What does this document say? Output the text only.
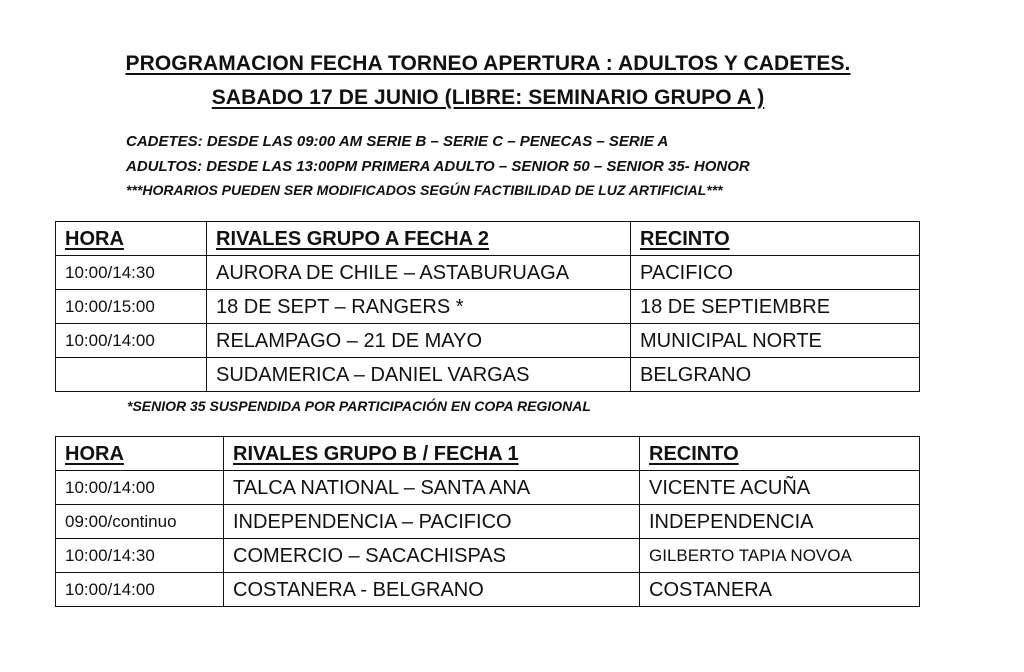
PROGRAMACION FECHA TORNEO APERTURA : ADULTOS Y CADETES.
SABADO 17 DE JUNIO (LIBRE: SEMINARIO GRUPO A )
CADETES: DESDE LAS 09:00 AM SERIE B – SERIE C – PENECAS – SERIE A
ADULTOS: DESDE LAS 13:00PM PRIMERA ADULTO – SENIOR 50 – SENIOR 35- HONOR
***HORARIOS PUEDEN SER MODIFICADOS SEGÚN FACTIBILIDAD DE LUZ ARTIFICIAL***
HORA	RIVALES GRUPO A FECHA 2	RECINTO
10:00/14:30	AURORA DE CHILE – ASTABURUAGA	PACIFICO
10:00/15:00	18 DE SEPT – RANGERS *	18 DE SEPTIEMBRE
10:00/14:00	RELAMPAGO – 21 DE MAYO	MUNICIPAL NORTE
	SUDAMERICA – DANIEL VARGAS	BELGRANO
*SENIOR 35 SUSPENDIDA POR PARTICIPACIÓN EN COPA REGIONAL
HORA	RIVALES GRUPO B / FECHA 1	RECINTO
10:00/14:00	TALCA NATIONAL – SANTA ANA	VICENTE ACUÑA
09:00/continuo	INDEPENDENCIA – PACIFICO	INDEPENDENCIA
10:00/14:30	COMERCIO – SACACHISPAS	GILBERTO TAPIA NOVOA
10:00/14:00	COSTANERA - BELGRANO	COSTANERA
